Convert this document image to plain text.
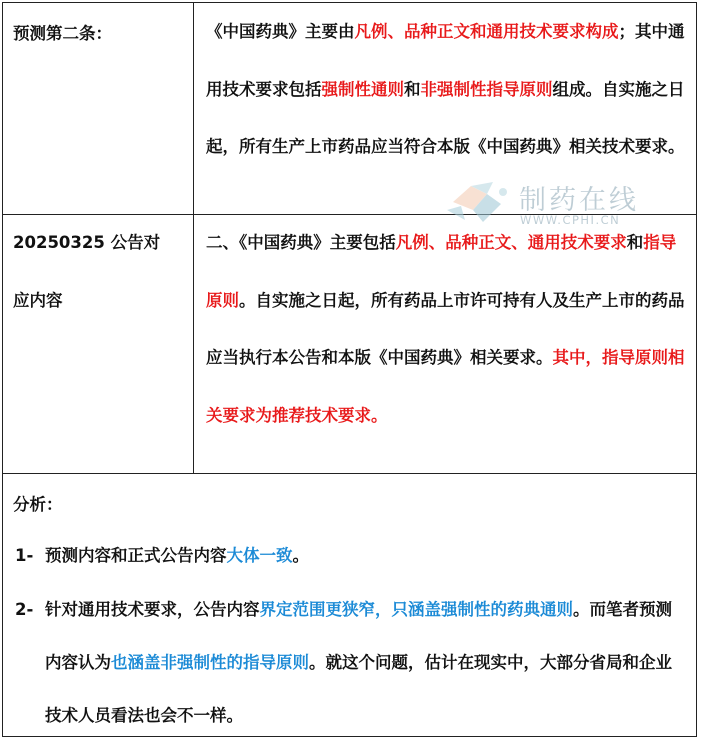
预测第二条：	《中国药典》主要由凡例、品种正文和通用技术要求构成；其中通用技术要求包括强制性通则和非强制性指导原则组成。自实施之日起，所有生产上市药品应当符合本版《中国药典》相关技术要求。
20250325 公告对
应内容
二、《中国药典》主要包括凡例、品种正文、通用技术要求和指导原则。自实施之日起，所有药品上市许可持有人及生产上市的药品应当执行本公告和本版《中国药典》相关要求。其中，指导原则相关要求为推荐技术要求。
分析：
1- 预测内容和正式公告内容大体一致。
2- 针对通用技术要求，公告内容界定范围更狭窄，只涵盖强制性的药典通则。而笔者预测内容认为也涵盖非强制性的指导原则。就这个问题，估计在现实中，大部分省局和企业技术人员看法也会不一样。
制药在线
WWW.CPHI.CN
